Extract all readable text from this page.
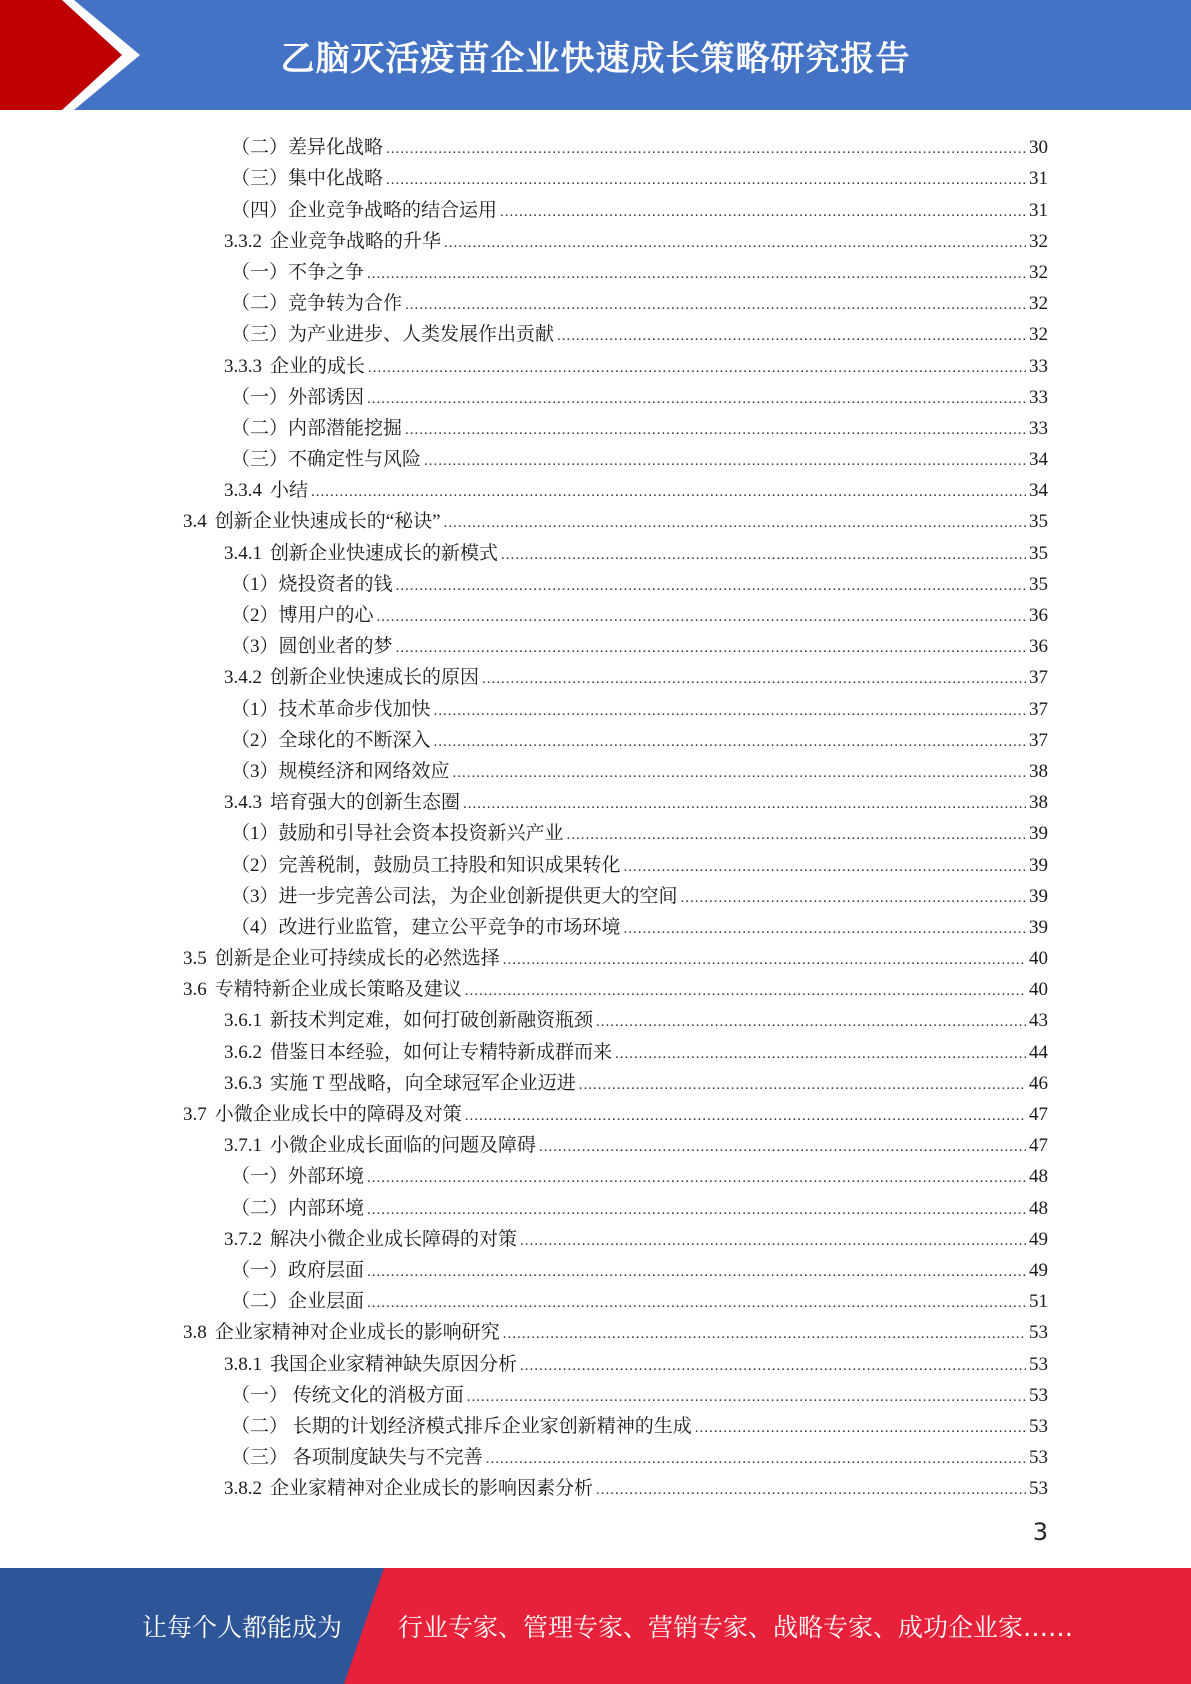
乙脑灭活疫苗企业快速成长策略研究报告
（二） 差异化战略 .....	30
（三） 集中化战略 .....	31
（四） 企业竞争战略的结合运用 .....	31
3.3.2 企业竞争战略的升华 .....	32
（一） 不争之争 .....	32
（二） 竞争转为合作 .....	32
（三） 为产业进步、人类发展作出贡献 .....	32
3.3.3 企业的成长 .....	33
（一） 外部诱因 .....	33
（二） 内部潜能挖掘 .....	33
（三） 不确定性与风险 .....	34
3.3.4 小结 .....	34
3.4 创新企业快速成长的“秘诀” .....	35
3.4.1 创新企业快速成长的新模式 .....	35
（1） 烧投资者的钱 .....	35
（2） 博用户的心 .....	36
（3） 圆创业者的梦 .....	36
3.4.2 创新企业快速成长的原因 .....	37
（1） 技术革命步伐加快 .....	37
（2） 全球化的不断深入 .....	37
（3） 规模经济和网络效应 .....	38
3.4.3 培育强大的创新生态圈 .....	38
（1） 鼓励和引导社会资本投资新兴产业 .....	39
（2） 完善税制，鼓励员工持股和知识成果转化 .....	39
（3） 进一步完善公司法，为企业创新提供更大的空间 .....	39
（4） 改进行业监管，建立公平竞争的市场环境 .....	39
3.5 创新是企业可持续成长的必然选择 .....	40
3.6 专精特新企业成长策略及建议 .....	40
3.6.1 新技术判定难，如何打破创新融资瓶颈 .....	43
3.6.2 借鉴日本经验，如何让专精特新成群而来 .....	44
3.6.3 实施 T 型战略，向全球冠军企业迈进 .....	46
3.7 小微企业成长中的障碍及对策 .....	47
3.7.1 小微企业成长面临的问题及障碍 .....	47
（一） 外部环境 .....	48
（二） 内部环境 .....	48
3.7.2 解决小微企业成长障碍的对策 .....	49
（一） 政府层面 .....	49
（二） 企业层面 .....	51
3.8 企业家精神对企业成长的影响研究 .....	53
3.8.1 我国企业家精神缺失原因分析 .....	53
（一） 传统文化的消极方面 .....	53
（二） 长期的计划经济模式排斥企业家创新精神的生成 .....	53
（三） 各项制度缺失与不完善 .....	53
3.8.2 企业家精神对企业成长的影响因素分析 .....	53
3
让每个人都能成为 行业专家、管理专家、营销专家、战略专家、成功企业家……
